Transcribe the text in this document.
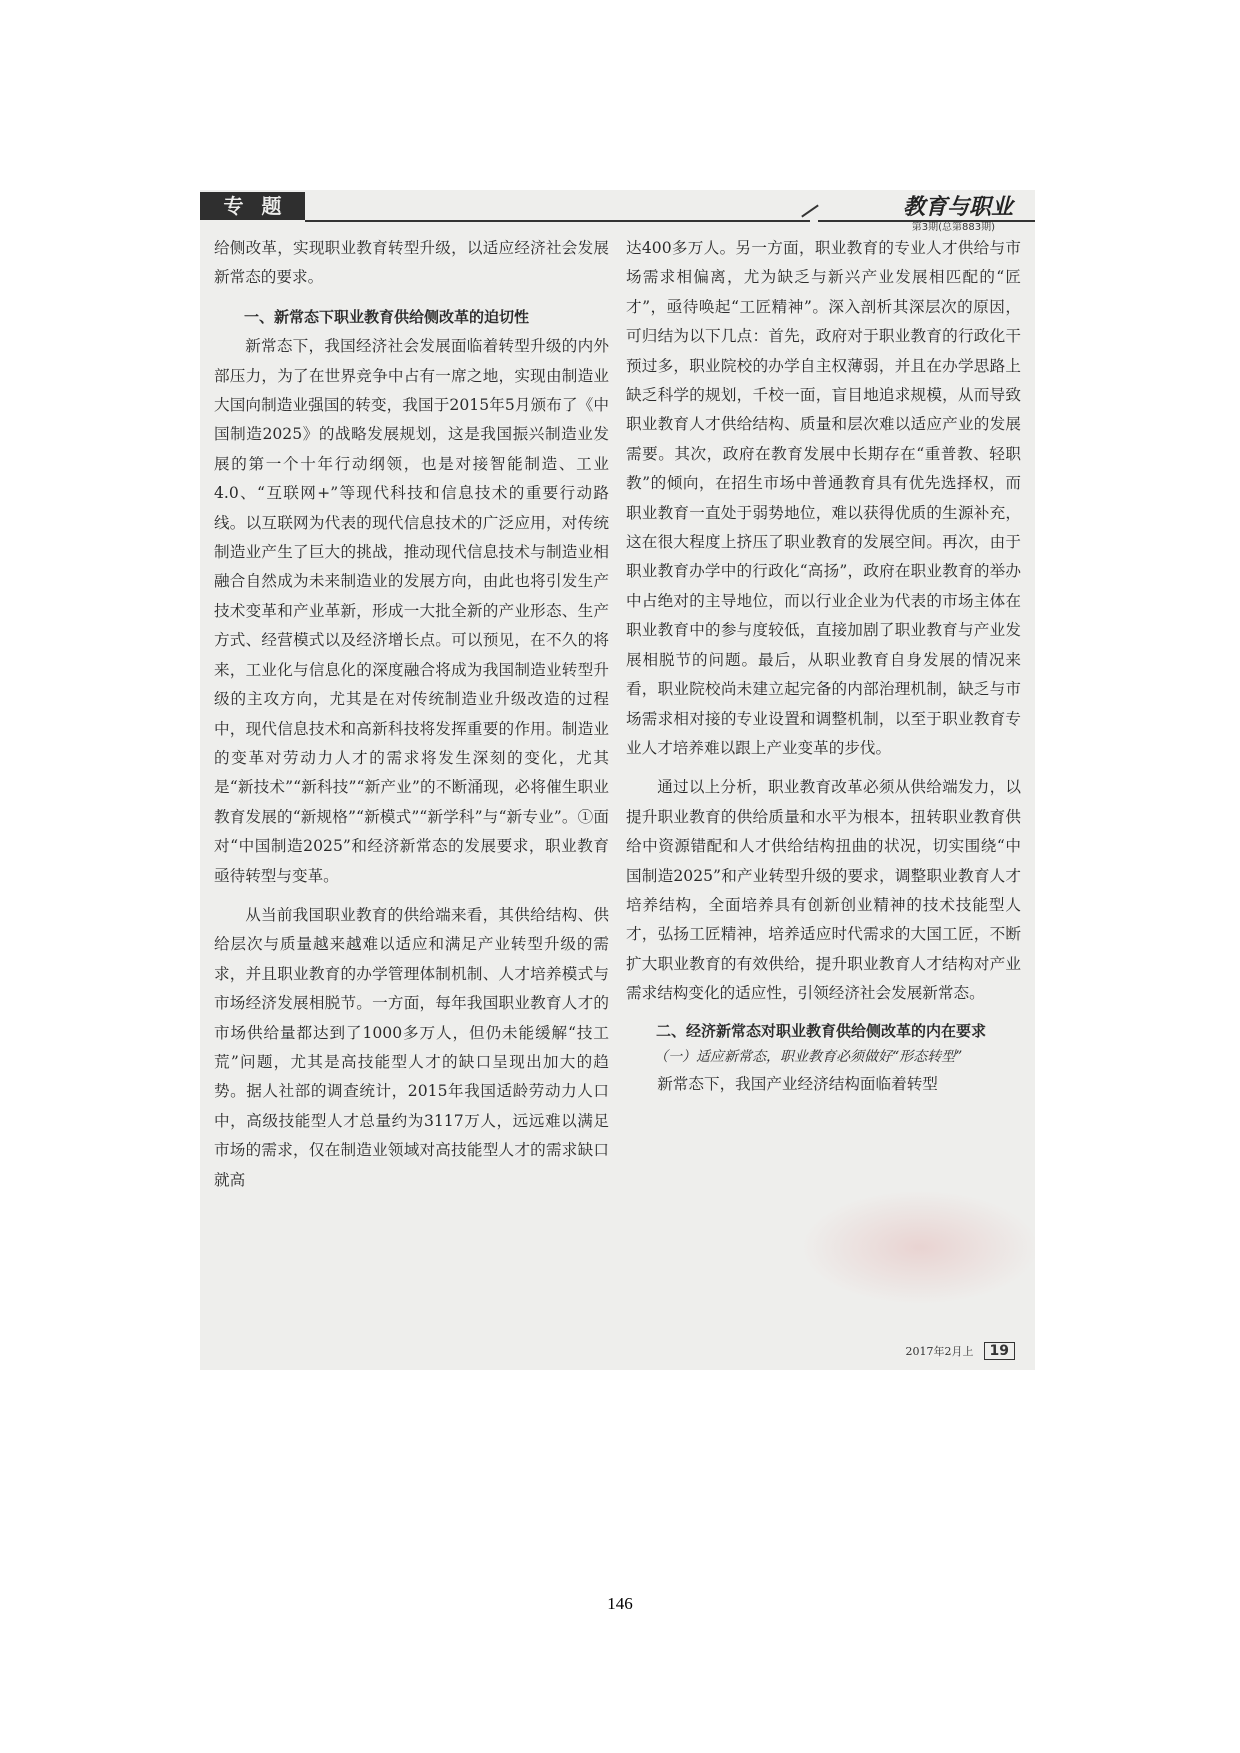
专题	教育与职业
第3期(总第883期)

给侧改革，实现职业教育转型升级，以适应经济社会发展新常态的要求。

一、新常态下职业教育供给侧改革的迫切性

新常态下，我国经济社会发展面临着转型升级的内外部压力，为了在世界竞争中占有一席之地，实现由制造业大国向制造业强国的转变，我国于2015年5月颁布了《中国制造2025》的战略发展规划，这是我国振兴制造业发展的第一个十年行动纲领，也是对接智能制造、工业4.0、“互联网+”等现代科技和信息技术的重要行动路线。以互联网为代表的现代信息技术的广泛应用，对传统制造业产生了巨大的挑战，推动现代信息技术与制造业相融合自然成为未来制造业的发展方向，由此也将引发生产技术变革和产业革新，形成一大批全新的产业形态、生产方式、经营模式以及经济增长点。可以预见，在不久的将来，工业化与信息化的深度融合将成为我国制造业转型升级的主攻方向，尤其是在对传统制造业升级改造的过程中，现代信息技术和高新科技将发挥重要的作用。制造业的变革对劳动力人才的需求将发生深刻的变化，尤其是“新技术”“新科技”“新产业”的不断涌现，必将催生职业教育发展的“新规格”“新模式”“新学科”与“新专业”。①面对“中国制造2025”和经济新常态的发展要求，职业教育亟待转型与变革。

从当前我国职业教育的供给端来看，其供给结构、供给层次与质量越来越难以适应和满足产业转型升级的需求，并且职业教育的办学管理体制机制、人才培养模式与市场经济发展相脱节。一方面，每年我国职业教育人才的市场供给量都达到了1000多万人，但仍未能缓解“技工荒”问题，尤其是高技能型人才的缺口呈现出加大的趋势。据人社部的调查统计，2015年我国适龄劳动力人口中，高级技能型人才总量约为3117万人，远远难以满足市场的需求，仅在制造业领域对高技能型人才的需求缺口就高

达400多万人。另一方面，职业教育的专业人才供给与市场需求相偏离，尤为缺乏与新兴产业发展相匹配的“匠才”，亟待唤起“工匠精神”。深入剖析其深层次的原因，可归结为以下几点：首先，政府对于职业教育的行政化干预过多，职业院校的办学自主权薄弱，并且在办学思路上缺乏科学的规划，千校一面，盲目地追求规模，从而导致职业教育人才供给结构、质量和层次难以适应产业的发展需要。其次，政府在教育发展中长期存在“重普教、轻职教”的倾向，在招生市场中普通教育具有优先选择权，而职业教育一直处于弱势地位，难以获得优质的生源补充，这在很大程度上挤压了职业教育的发展空间。再次，由于职业教育办学中的行政化“高扬”，政府在职业教育的举办中占绝对的主导地位，而以行业企业为代表的市场主体在职业教育中的参与度较低，直接加剧了职业教育与产业发展相脱节的问题。最后，从职业教育自身发展的情况来看，职业院校尚未建立起完备的内部治理机制，缺乏与市场需求相对接的专业设置和调整机制，以至于职业教育专业人才培养难以跟上产业变革的步伐。

通过以上分析，职业教育改革必须从供给端发力，以提升职业教育的供给质量和水平为根本，扭转职业教育供给中资源错配和人才供给结构扭曲的状况，切实围绕“中国制造2025”和产业转型升级的要求，调整职业教育人才培养结构，全面培养具有创新创业精神的技术技能型人才，弘扬工匠精神，培养适应时代需求的大国工匠，不断扩大职业教育的有效供给，提升职业教育人才结构对产业需求结构变化的适应性，引领经济社会发展新常态。

二、经济新常态对职业教育供给侧改革的内在要求

（一）适应新常态，职业教育必须做好“形态转型”

新常态下，我国产业经济结构面临着转型

2017年2月上	19
146
